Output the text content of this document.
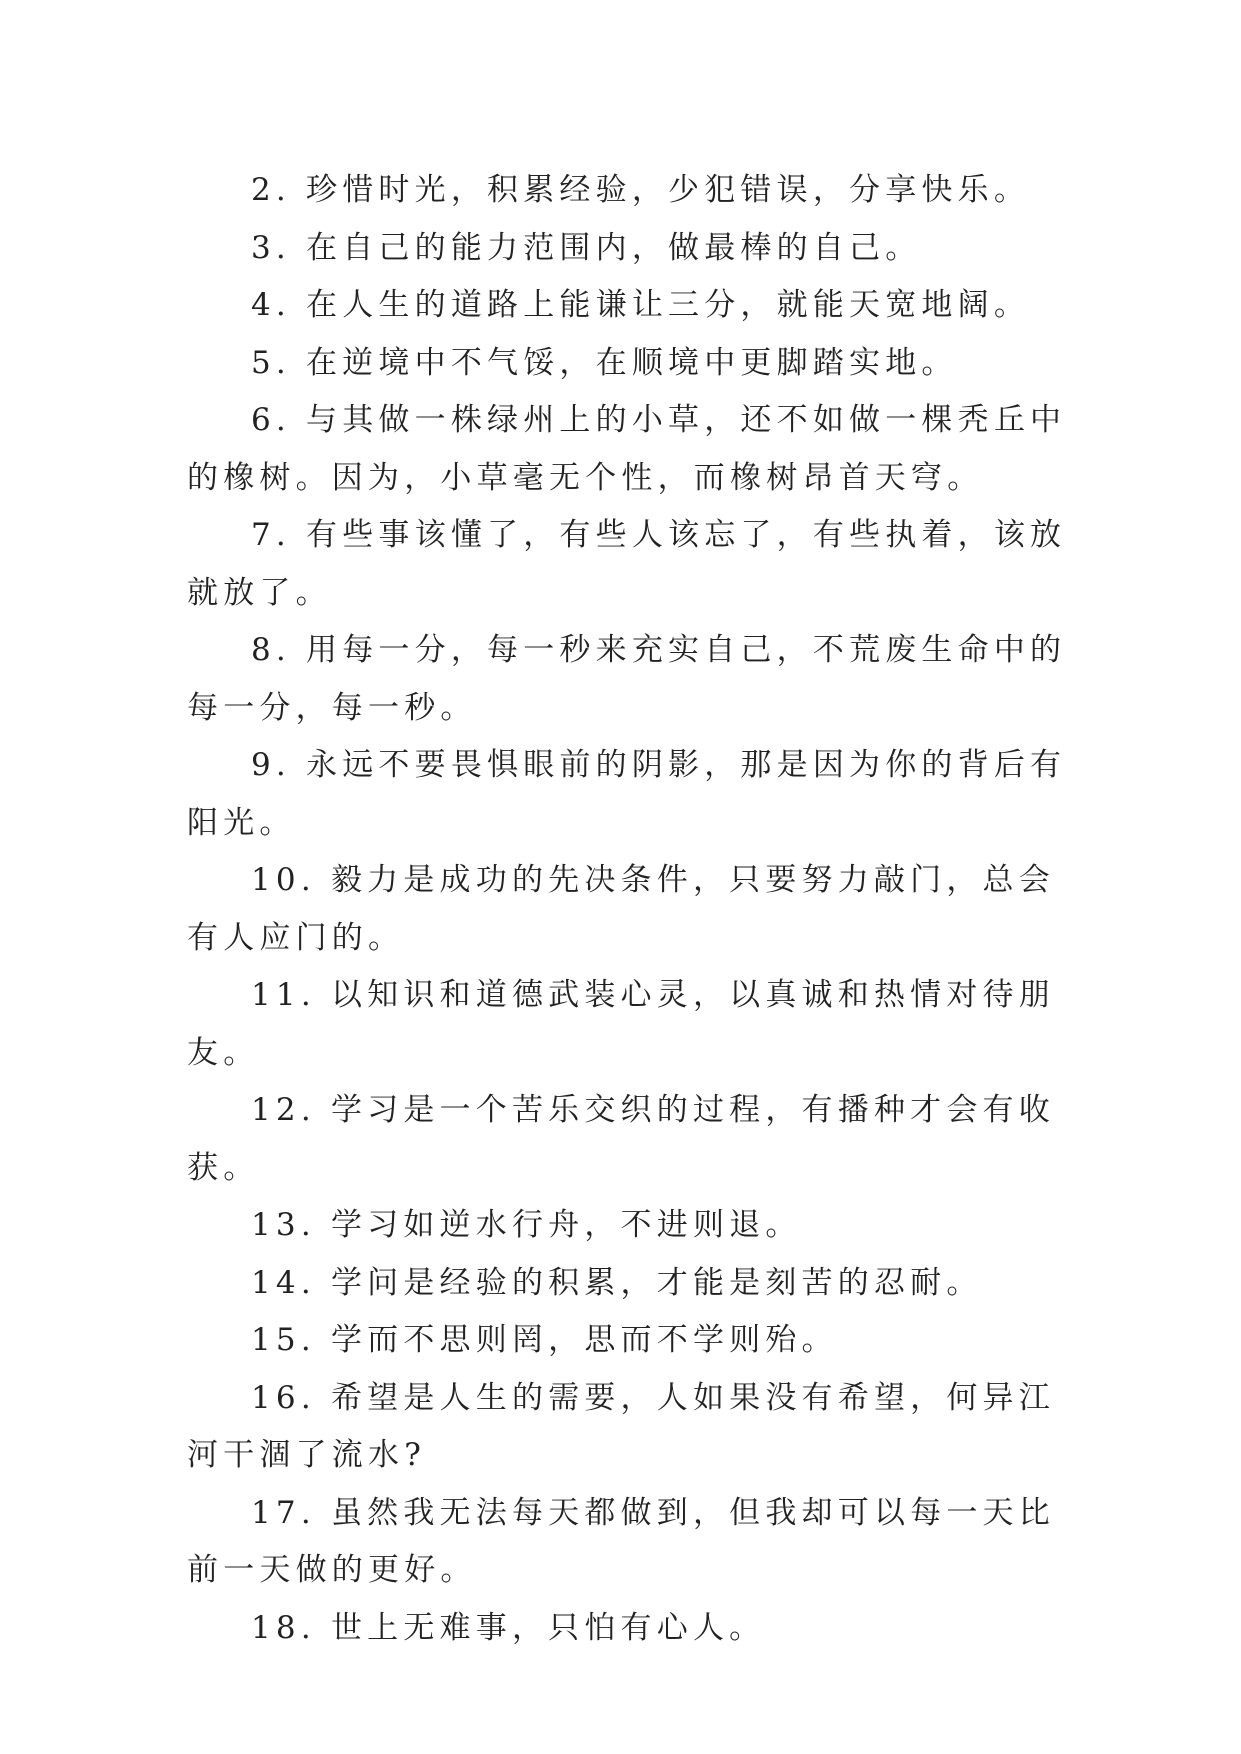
2. 珍惜时光，积累经验，少犯错误，分享快乐。

3. 在自己的能力范围内，做最棒的自己。

4. 在人生的道路上能谦让三分，就能天宽地阔。

5. 在逆境中不气馁，在顺境中更脚踏实地。

6. 与其做一株绿州上的小草，还不如做一棵秃丘中的橡树。因为，小草毫无个性，而橡树昂首天穹。

7. 有些事该懂了，有些人该忘了，有些执着，该放就放了。

8. 用每一分，每一秒来充实自己，不荒废生命中的每一分，每一秒。

9. 永远不要畏惧眼前的阴影，那是因为你的背后有阳光。

10. 毅力是成功的先决条件，只要努力敲门，总会有人应门的。

11. 以知识和道德武装心灵，以真诚和热情对待朋友。

12. 学习是一个苦乐交织的过程，有播种才会有收获。

13. 学习如逆水行舟，不进则退。

14. 学问是经验的积累，才能是刻苦的忍耐。

15. 学而不思则罔，思而不学则殆。

16. 希望是人生的需要，人如果没有希望，何异江河干涸了流水?

17. 虽然我无法每天都做到，但我却可以每一天比前一天做的更好。

18. 世上无难事，只怕有心人。
